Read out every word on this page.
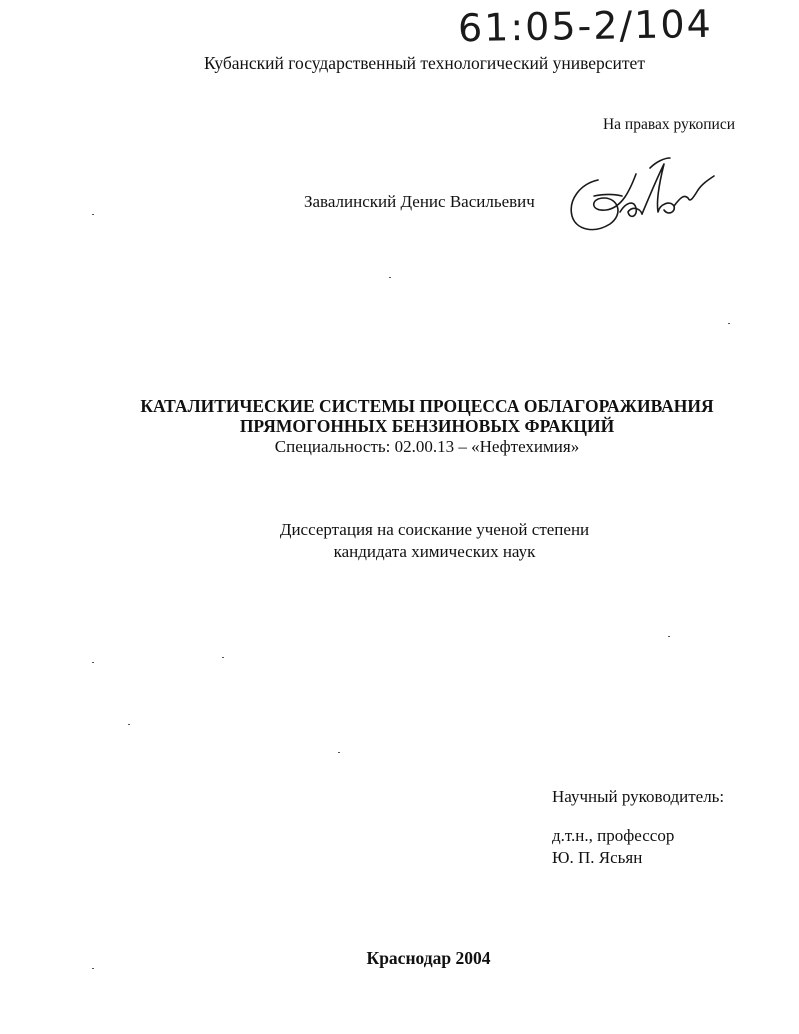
61:05-2/104
Кубанский государственный технологический университет
На правах рукописи
Завалинский Денис Васильевич
КАТАЛИТИЧЕСКИЕ СИСТЕМЫ ПРОЦЕССА ОБЛАГОРАЖИВАНИЯ
ПРЯМОГОННЫХ БЕНЗИНОВЫХ ФРАКЦИЙ
Специальность: 02.00.13 – «Нефтехимия»
Диссертация на соискание ученой степени
кандидата химических наук
Научный руководитель:
д.т.н., профессор
Ю. П. Ясьян
Краснодар 2004
